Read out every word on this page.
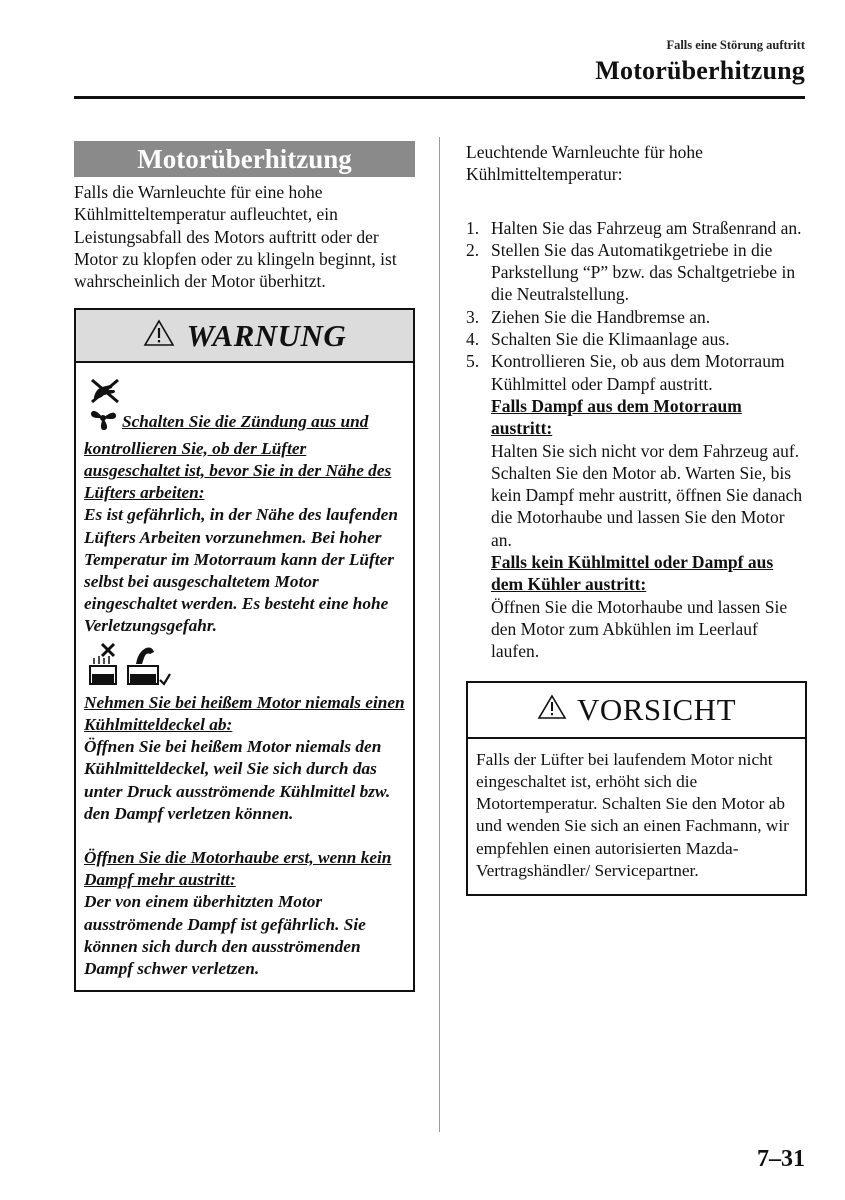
Falls eine Störung auftritt
Motorüberhitzung
Motorüberhitzung
Falls die Warnleuchte für eine hohe Kühlmitteltemperatur aufleuchtet, ein Leistungsabfall des Motors auftritt oder der Motor zu klopfen oder zu klingeln beginnt, ist wahrscheinlich der Motor überhitzt.
WARNUNG
Schalten Sie die Zündung aus und kontrollieren Sie, ob der Lüfter ausgeschaltet ist, bevor Sie in der Nähe des Lüfters arbeiten:
Es ist gefährlich, in der Nähe des laufenden Lüfters Arbeiten vorzunehmen. Bei hoher Temperatur im Motorraum kann der Lüfter selbst bei ausgeschaltetem Motor eingeschaltet werden. Es besteht eine hohe Verletzungsgefahr.
Nehmen Sie bei heißem Motor niemals einen Kühlmitteldeckel ab:
Öffnen Sie bei heißem Motor niemals den Kühlmitteldeckel, weil Sie sich durch das unter Druck ausströmende Kühlmittel bzw. den Dampf verletzen können.
Öffnen Sie die Motorhaube erst, wenn kein Dampf mehr austritt:
Der von einem überhitzten Motor ausströmende Dampf ist gefährlich. Sie können sich durch den ausströmenden Dampf schwer verletzen.
Leuchtende Warnleuchte für hohe Kühlmitteltemperatur:
1. Halten Sie das Fahrzeug am Straßenrand an.
2. Stellen Sie das Automatikgetriebe in die Parkstellung “P” bzw. das Schaltgetriebe in die Neutralstellung.
3. Ziehen Sie die Handbremse an.
4. Schalten Sie die Klimaanlage aus.
5. Kontrollieren Sie, ob aus dem Motorraum Kühlmittel oder Dampf austritt.
Falls Dampf aus dem Motorraum austritt:
Halten Sie sich nicht vor dem Fahrzeug auf. Schalten Sie den Motor ab. Warten Sie, bis kein Dampf mehr austritt, öffnen Sie danach die Motorhaube und lassen Sie den Motor an.
Falls kein Kühlmittel oder Dampf aus dem Kühler austritt:
Öffnen Sie die Motorhaube und lassen Sie den Motor zum Abkühlen im Leerlauf laufen.
VORSICHT
Falls der Lüfter bei laufendem Motor nicht eingeschaltet ist, erhöht sich die Motortemperatur. Schalten Sie den Motor ab und wenden Sie sich an einen Fachmann, wir empfehlen einen autorisierten Mazda-Vertragshändler/ Servicepartner.
7–31
